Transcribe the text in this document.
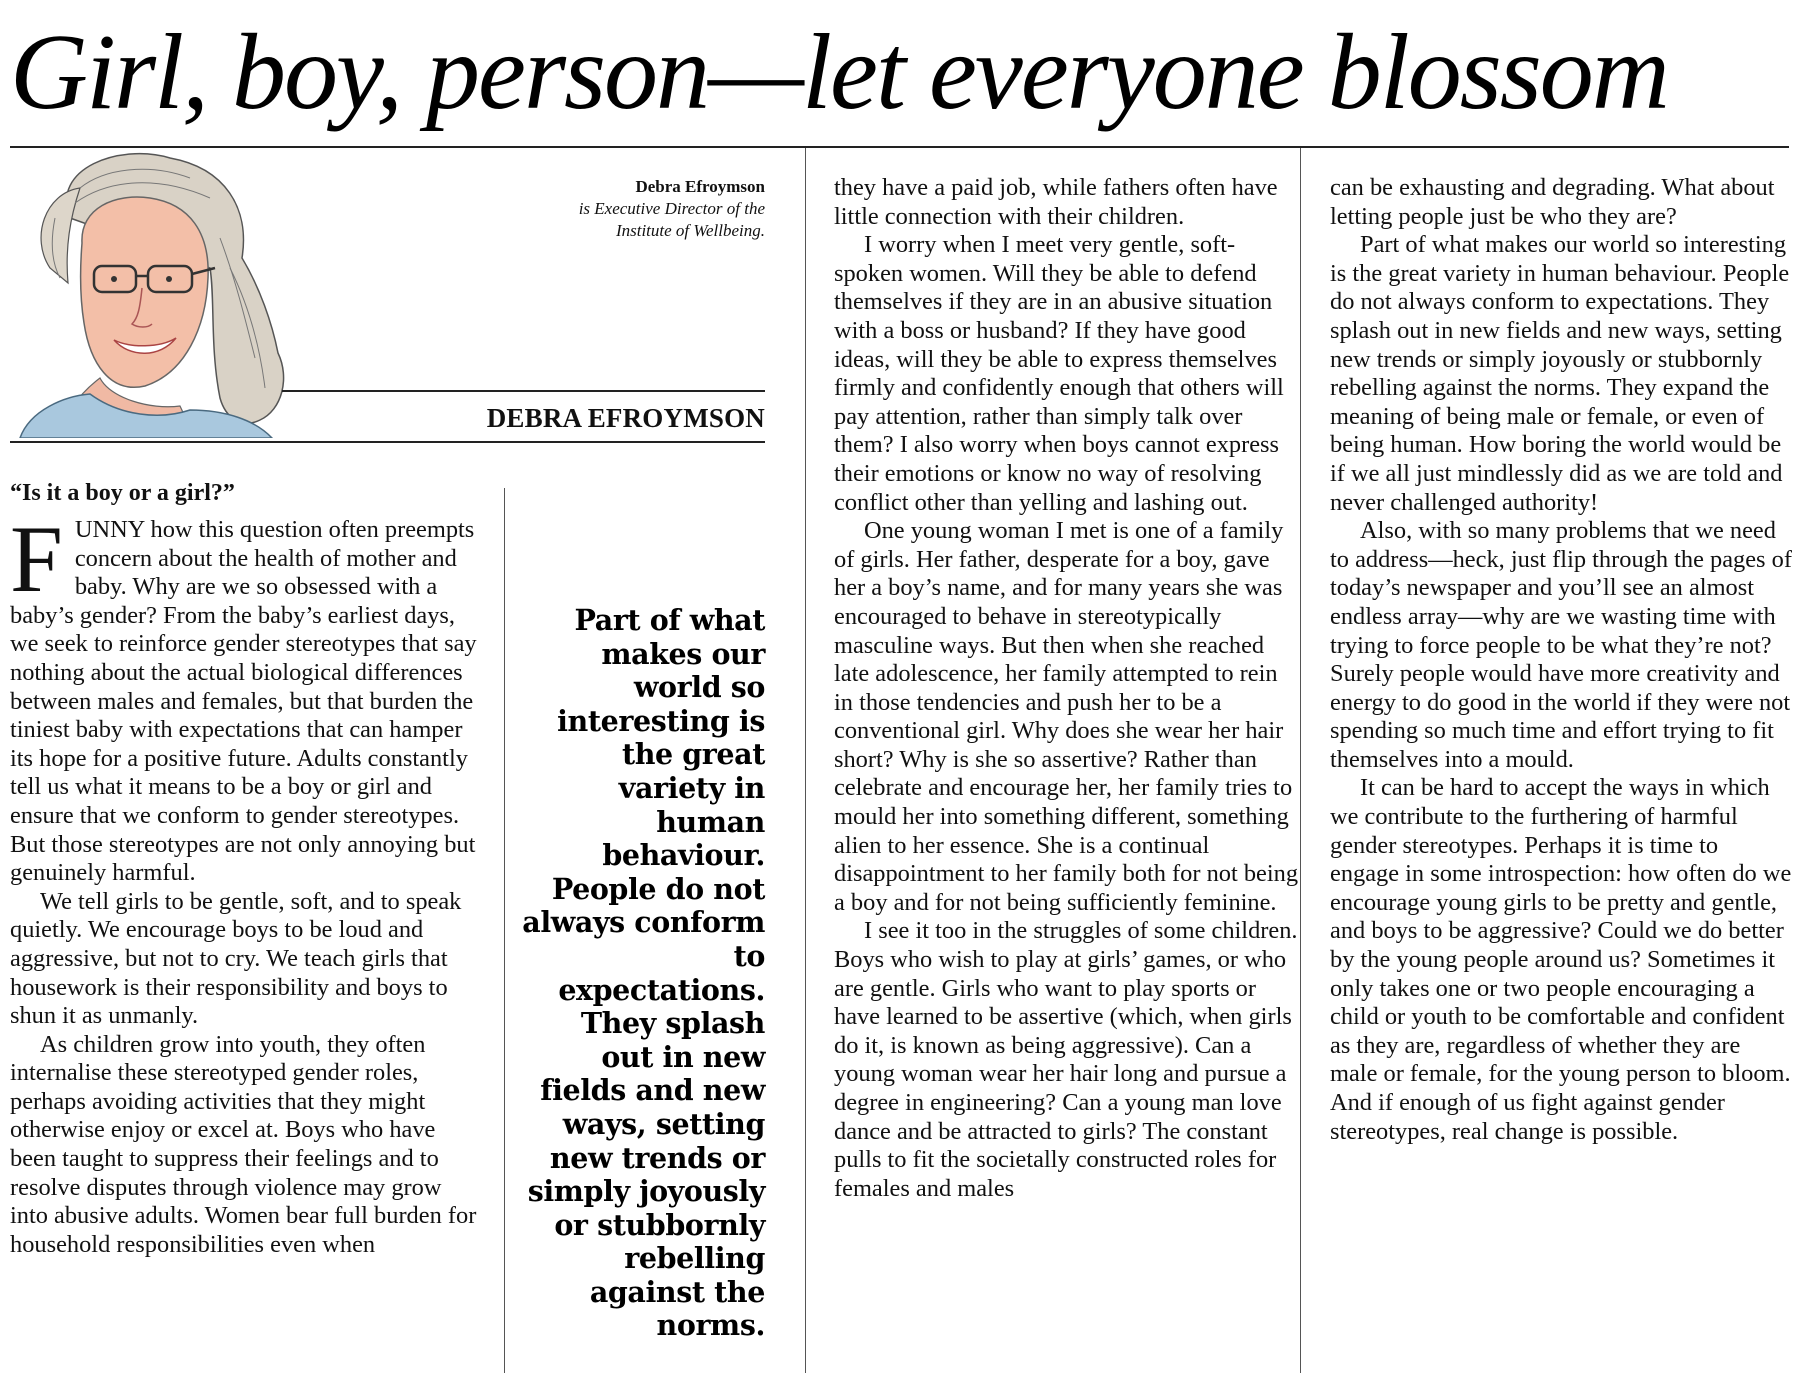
Girl, boy, person—let everyone blossom
Debra Efroymson
is Executive Director of the
Institute of Wellbeing.
DEBRA EFROYMSON
“Is it a boy or a girl?”

FUNNY how this question often preempts concern about the health of mother and baby. Why are we so obsessed with a baby’s gender? From the baby’s earliest days, we seek to reinforce gender stereotypes that say nothing about the actual biological differences between males and females, but that burden the tiniest baby with expectations that can hamper its hope for a positive future. Adults constantly tell us what it means to be a boy or girl and ensure that we conform to gender stereotypes. But those stereotypes are not only annoying but genuinely harmful.

We tell girls to be gentle, soft, and to speak quietly. We encourage boys to be loud and aggressive, but not to cry. We teach girls that housework is their responsibility and boys to shun it as unmanly.

As children grow into youth, they often internalise these stereotyped gender roles, perhaps avoiding activities that they might otherwise enjoy or excel at. Boys who have been taught to suppress their feelings and to resolve disputes through violence may grow into abusive adults. Women bear full burden for household responsibilities even when

Part of what makes our world so interesting is the great variety in human behaviour. People do not always conform to expectations. They splash out in new fields and new ways, setting new trends or simply joyously or stubbornly rebelling against the norms.

they have a paid job, while fathers often have little connection with their children.

I worry when I meet very gentle, soft-spoken women. Will they be able to defend themselves if they are in an abusive situation with a boss or husband? If they have good ideas, will they be able to express themselves firmly and confidently enough that others will pay attention, rather than simply talk over them? I also worry when boys cannot express their emotions or know no way of resolving conflict other than yelling and lashing out.

One young woman I met is one of a family of girls. Her father, desperate for a boy, gave her a boy’s name, and for many years she was encouraged to behave in stereotypically masculine ways. But then when she reached late adolescence, her family attempted to rein in those tendencies and push her to be a conventional girl. Why does she wear her hair short? Why is she so assertive? Rather than celebrate and encourage her, her family tries to mould her into something different, something alien to her essence. She is a continual disappointment to her family both for not being a boy and for not being sufficiently feminine.

I see it too in the struggles of some children. Boys who wish to play at girls’ games, or who are gentle. Girls who want to play sports or have learned to be assertive (which, when girls do it, is known as being aggressive). Can a young woman wear her hair long and pursue a degree in engineering? Can a young man love dance and be attracted to girls? The constant pulls to fit the societally constructed roles for females and males

can be exhausting and degrading. What about letting people just be who they are?

Part of what makes our world so interesting is the great variety in human behaviour. People do not always conform to expectations. They splash out in new fields and new ways, setting new trends or simply joyously or stubbornly rebelling against the norms. They expand the meaning of being male or female, or even of being human. How boring the world would be if we all just mindlessly did as we are told and never challenged authority!

Also, with so many problems that we need to address—heck, just flip through the pages of today’s newspaper and you’ll see an almost endless array—why are we wasting time with trying to force people to be what they’re not? Surely people would have more creativity and energy to do good in the world if they were not spending so much time and effort trying to fit themselves into a mould.

It can be hard to accept the ways in which we contribute to the furthering of harmful gender stereotypes. Perhaps it is time to engage in some introspection: how often do we encourage young girls to be pretty and gentle, and boys to be aggressive? Could we do better by the young people around us? Sometimes it only takes one or two people encouraging a child or youth to be comfortable and confident as they are, regardless of whether they are male or female, for the young person to bloom. And if enough of us fight against gender stereotypes, real change is possible.
